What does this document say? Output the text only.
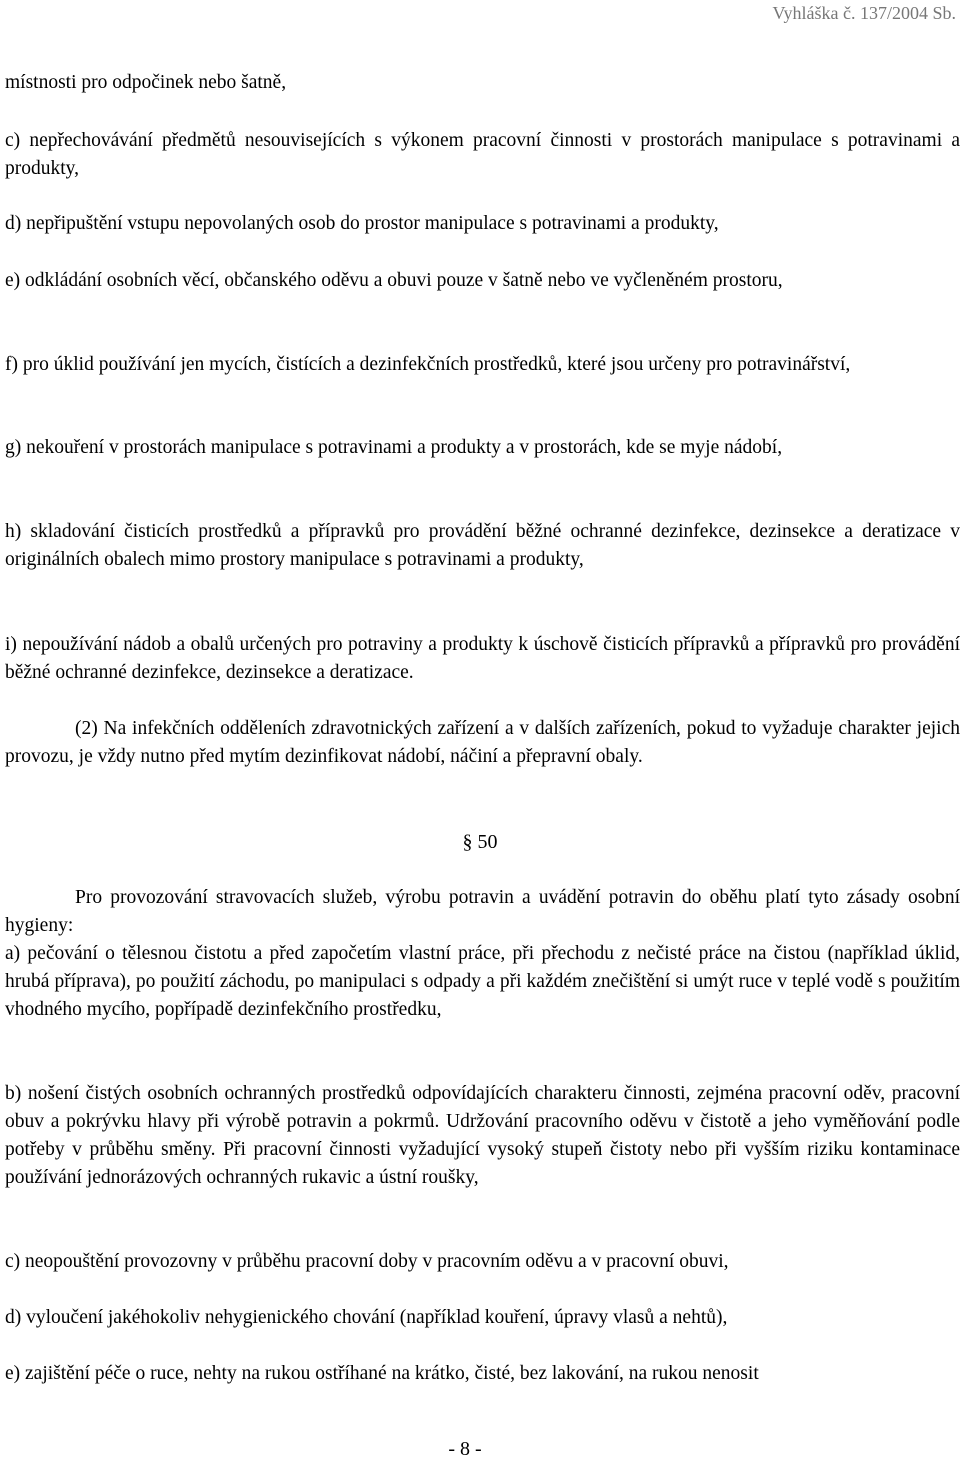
Vyhláška č. 137/2004 Sb.

místnosti pro odpočinek nebo šatně,

c) nepřechovávání předmětů nesouvisejících s výkonem pracovní činnosti v prostorách manipulace s potravinami a produkty,

d) nepřipuštění vstupu nepovolaných osob do prostor manipulace s potravinami a produkty,

e) odkládání osobních věcí, občanského oděvu a obuvi pouze v šatně nebo ve vyčleněném prostoru,

f) pro úklid používání jen mycích, čistících a dezinfekčních prostředků, které jsou určeny pro potravinářství,

g) nekouření v prostorách manipulace s potravinami a produkty a v prostorách, kde se myje nádobí,

h) skladování čisticích prostředků a přípravků pro provádění běžné ochranné dezinfekce, dezinsekce a deratizace v originálních obalech mimo prostory manipulace s potravinami a produkty,

i) nepoužívání nádob a obalů určených pro potraviny a produkty k úschově čisticích přípravků a přípravků pro provádění běžné ochranné dezinfekce, dezinsekce a deratizace.

(2) Na infekčních odděleních zdravotnických zařízení a v dalších zařízeních, pokud to vyžaduje charakter jejich provozu, je vždy nutno před mytím dezinfikovat nádobí, náčiní a přepravní obaly.

§ 50

Pro provozování stravovacích služeb, výrobu potravin a uvádění potravin do oběhu platí tyto zásady osobní hygieny:

a) pečování o tělesnou čistotu a před započetím vlastní práce, při přechodu z nečisté práce na čistou (například úklid, hrubá příprava), po použití záchodu, po manipulaci s odpady a při každém znečištění si umýt ruce v teplé vodě s použitím vhodného mycího, popřípadě dezinfekčního prostředku,

b) nošení čistých osobních ochranných prostředků odpovídajících charakteru činnosti, zejména pracovní oděv, pracovní obuv a pokrývku hlavy při výrobě potravin a pokrmů. Udržování pracovního oděvu v čistotě a jeho vyměňování podle potřeby v průběhu směny. Při pracovní činnosti vyžadující vysoký stupeň čistoty nebo při vyšším riziku kontaminace používání jednorázových ochranných rukavic a ústní roušky,

c) neopouštění provozovny v průběhu pracovní doby v pracovním oděvu a v pracovní obuvi,

d) vyloučení jakéhokoliv nehygienického chování (například kouření, úpravy vlasů a nehtů),

e) zajištění péče o ruce, nehty na rukou ostříhané na krátko, čisté, bez lakování, na rukou nenosit

- 8 -
